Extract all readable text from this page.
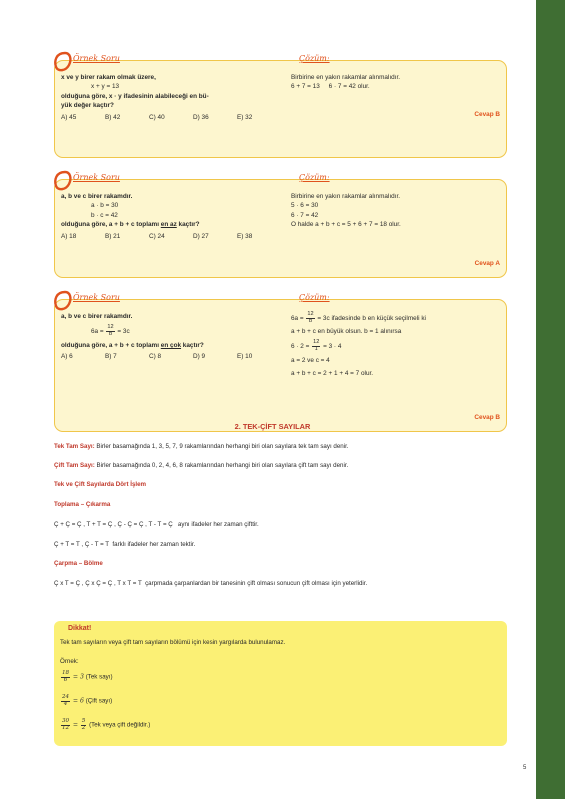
Örnek Soru	Çözüm:
x ve y birer rakam olmak üzere,
x + y = 13
olduğuna göre, x · y ifadesinin alabileceği en bü-
yük değer kaçtır?
A) 45	B) 42	C) 40	D) 36	E) 32
Birbirine en yakın rakamlar alınmalıdır.
6 + 7 = 13     6 · 7 = 42 olur.
Cevap B
Örnek Soru	Çözüm:
a, b ve c birer rakamdır.
a · b = 30
b · c = 42
olduğuna göre, a + b + c toplamı en az kaçtır?
A) 18	B) 21	C) 24	D) 27	E) 38
Birbirine en yakın rakamlar alınmalıdır.
5 · 6 = 30
6 · 7 = 42
O halde a + b + c = 5 + 6 + 7 = 18 olur.
Cevap A
Örnek Soru	Çözüm:
a, b ve c birer rakamdır.
$6a = \frac{12}{b} = 3c$
olduğuna göre, a + b + c toplamı en çok kaçtır?
A) 6	B) 7	C) 8	D) 9	E) 10
$6a = \frac{12}{b} = 3c$ ifadesinde b en küçük seçilmeli ki
a + b + c en büyük olsun. b = 1 alınırsa
$6 \cdot 2 = \frac{12}{1} = 3 \cdot 4$
a = 2 ve c = 4
a + b + c = 2 + 1 + 4 = 7 olur.
Cevap B
2. TEK-ÇİFT SAYILAR
Tek Tam Sayı: Birler basamağında 1, 3, 5, 7, 9 rakamlarından herhangi biri olan sayılara tek tam sayı denir.
Çift Tam Sayı: Birler basamağında 0, 2, 4, 6, 8 rakamlarından herhangi biri olan sayılara çift tam sayı denir.
Tek ve Çift Sayılarda Dört İşlem
Toplama – Çıkarma
Ç + Ç = Ç , T + T = Ç , Ç - Ç = Ç , T - T = Ç   aynı ifadeler her zaman çifttir.
Ç + T = T , Ç - T = T  farklı ifadeler her zaman tektir.
Çarpma – Bölme
Ç x T = Ç , Ç x Ç = Ç , T x T = T  çarpmada çarpanlardan bir tanesinin çift olması sonucun çift olması için yeterlidir.
Dikkat!
Tek tam sayıların veya çift tam sayıların bölümü için kesin yargılarda bulunulamaz.
Örnek:
$\frac{18}{6} = 3$ (Tek sayı)
$\frac{24}{4} = 6$ (Çift sayı)
$\frac{30}{12} = \frac{5}{2} (Tek$ veya çift değildir.)
5
